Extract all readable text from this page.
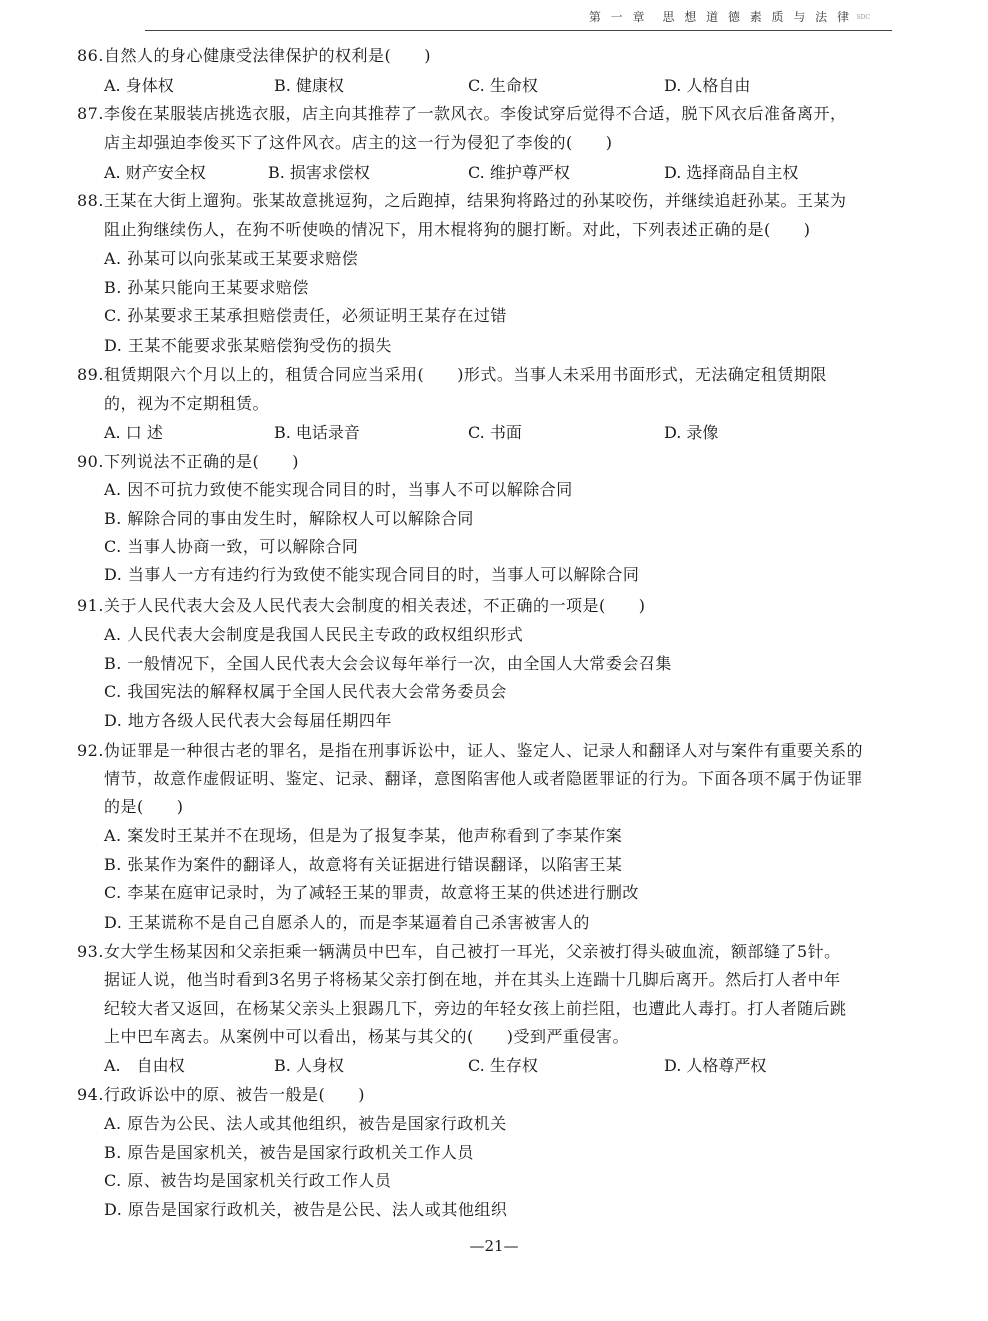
第 一 章　思 想 道 德 素 质 与 法 律 SDC
86.自然人的身心健康受法律保护的权利是(　　)
A. 身体权	B. 健康权	C. 生命权	D. 人格自由
87.李俊在某服装店挑选衣服，店主向其推荐了一款风衣。李俊试穿后觉得不合适，脱下风衣后准备离开，
店主却强迫李俊买下了这件风衣。店主的这一行为侵犯了李俊的(　　)
A. 财产安全权	B. 损害求偿权	C. 维护尊严权	D. 选择商品自主权
88.王某在大街上遛狗。张某故意挑逗狗，之后跑掉，结果狗将路过的孙某咬伤，并继续追赶孙某。王某为
阻止狗继续伤人，在狗不听使唤的情况下，用木棍将狗的腿打断。对此，下列表述正确的是(　　)
A. 孙某可以向张某或王某要求赔偿
B. 孙某只能向王某要求赔偿
C. 孙某要求王某承担赔偿责任，必须证明王某存在过错
D. 王某不能要求张某赔偿狗受伤的损失
89.租赁期限六个月以上的，租赁合同应当采用(　　)形式。当事人未采用书面形式，无法确定租赁期限
的，视为不定期租赁。
A. 口 述	B. 电话录音	C. 书面	D. 录像
90.下列说法不正确的是(　　)
A. 因不可抗力致使不能实现合同目的时，当事人不可以解除合同
B. 解除合同的事由发生时，解除权人可以解除合同
C. 当事人协商一致，可以解除合同
D. 当事人一方有违约行为致使不能实现合同目的时，当事人可以解除合同
91.关于人民代表大会及人民代表大会制度的相关表述，不正确的一项是(　　)
A. 人民代表大会制度是我国人民民主专政的政权组织形式
B. 一般情况下，全国人民代表大会会议每年举行一次，由全国人大常委会召集
C. 我国宪法的解释权属于全国人民代表大会常务委员会
D. 地方各级人民代表大会每届任期四年
92.伪证罪是一种很古老的罪名，是指在刑事诉讼中，证人、鉴定人、记录人和翻译人对与案件有重要关系的
情节，故意作虚假证明、鉴定、记录、翻译，意图陷害他人或者隐匿罪证的行为。下面各项不属于伪证罪
的是(　　)
A. 案发时王某并不在现场，但是为了报复李某，他声称看到了李某作案
B. 张某作为案件的翻译人，故意将有关证据进行错误翻译，以陷害王某
C. 李某在庭审记录时，为了减轻王某的罪责，故意将王某的供述进行删改
D. 王某谎称不是自己自愿杀人的，而是李某逼着自己杀害被害人的
93.女大学生杨某因和父亲拒乘一辆满员中巴车，自己被打一耳光，父亲被打得头破血流，额部缝了5针。
据证人说，他当时看到3名男子将杨某父亲打倒在地，并在其头上连踹十几脚后离开。然后打人者中年
纪较大者又返回，在杨某父亲头上狠踢几下，旁边的年轻女孩上前拦阻，也遭此人毒打。打人者随后跳
上中巴车离去。从案例中可以看出，杨某与其父的(　　)受到严重侵害。
A.　自由权	B. 人身权	C. 生存权	D. 人格尊严权
94.行政诉讼中的原、被告一般是(　　)
A. 原告为公民、法人或其他组织，被告是国家行政机关
B. 原告是国家机关，被告是国家行政机关工作人员
C. 原、被告均是国家机关行政工作人员
D. 原告是国家行政机关，被告是公民、法人或其他组织
—21—
